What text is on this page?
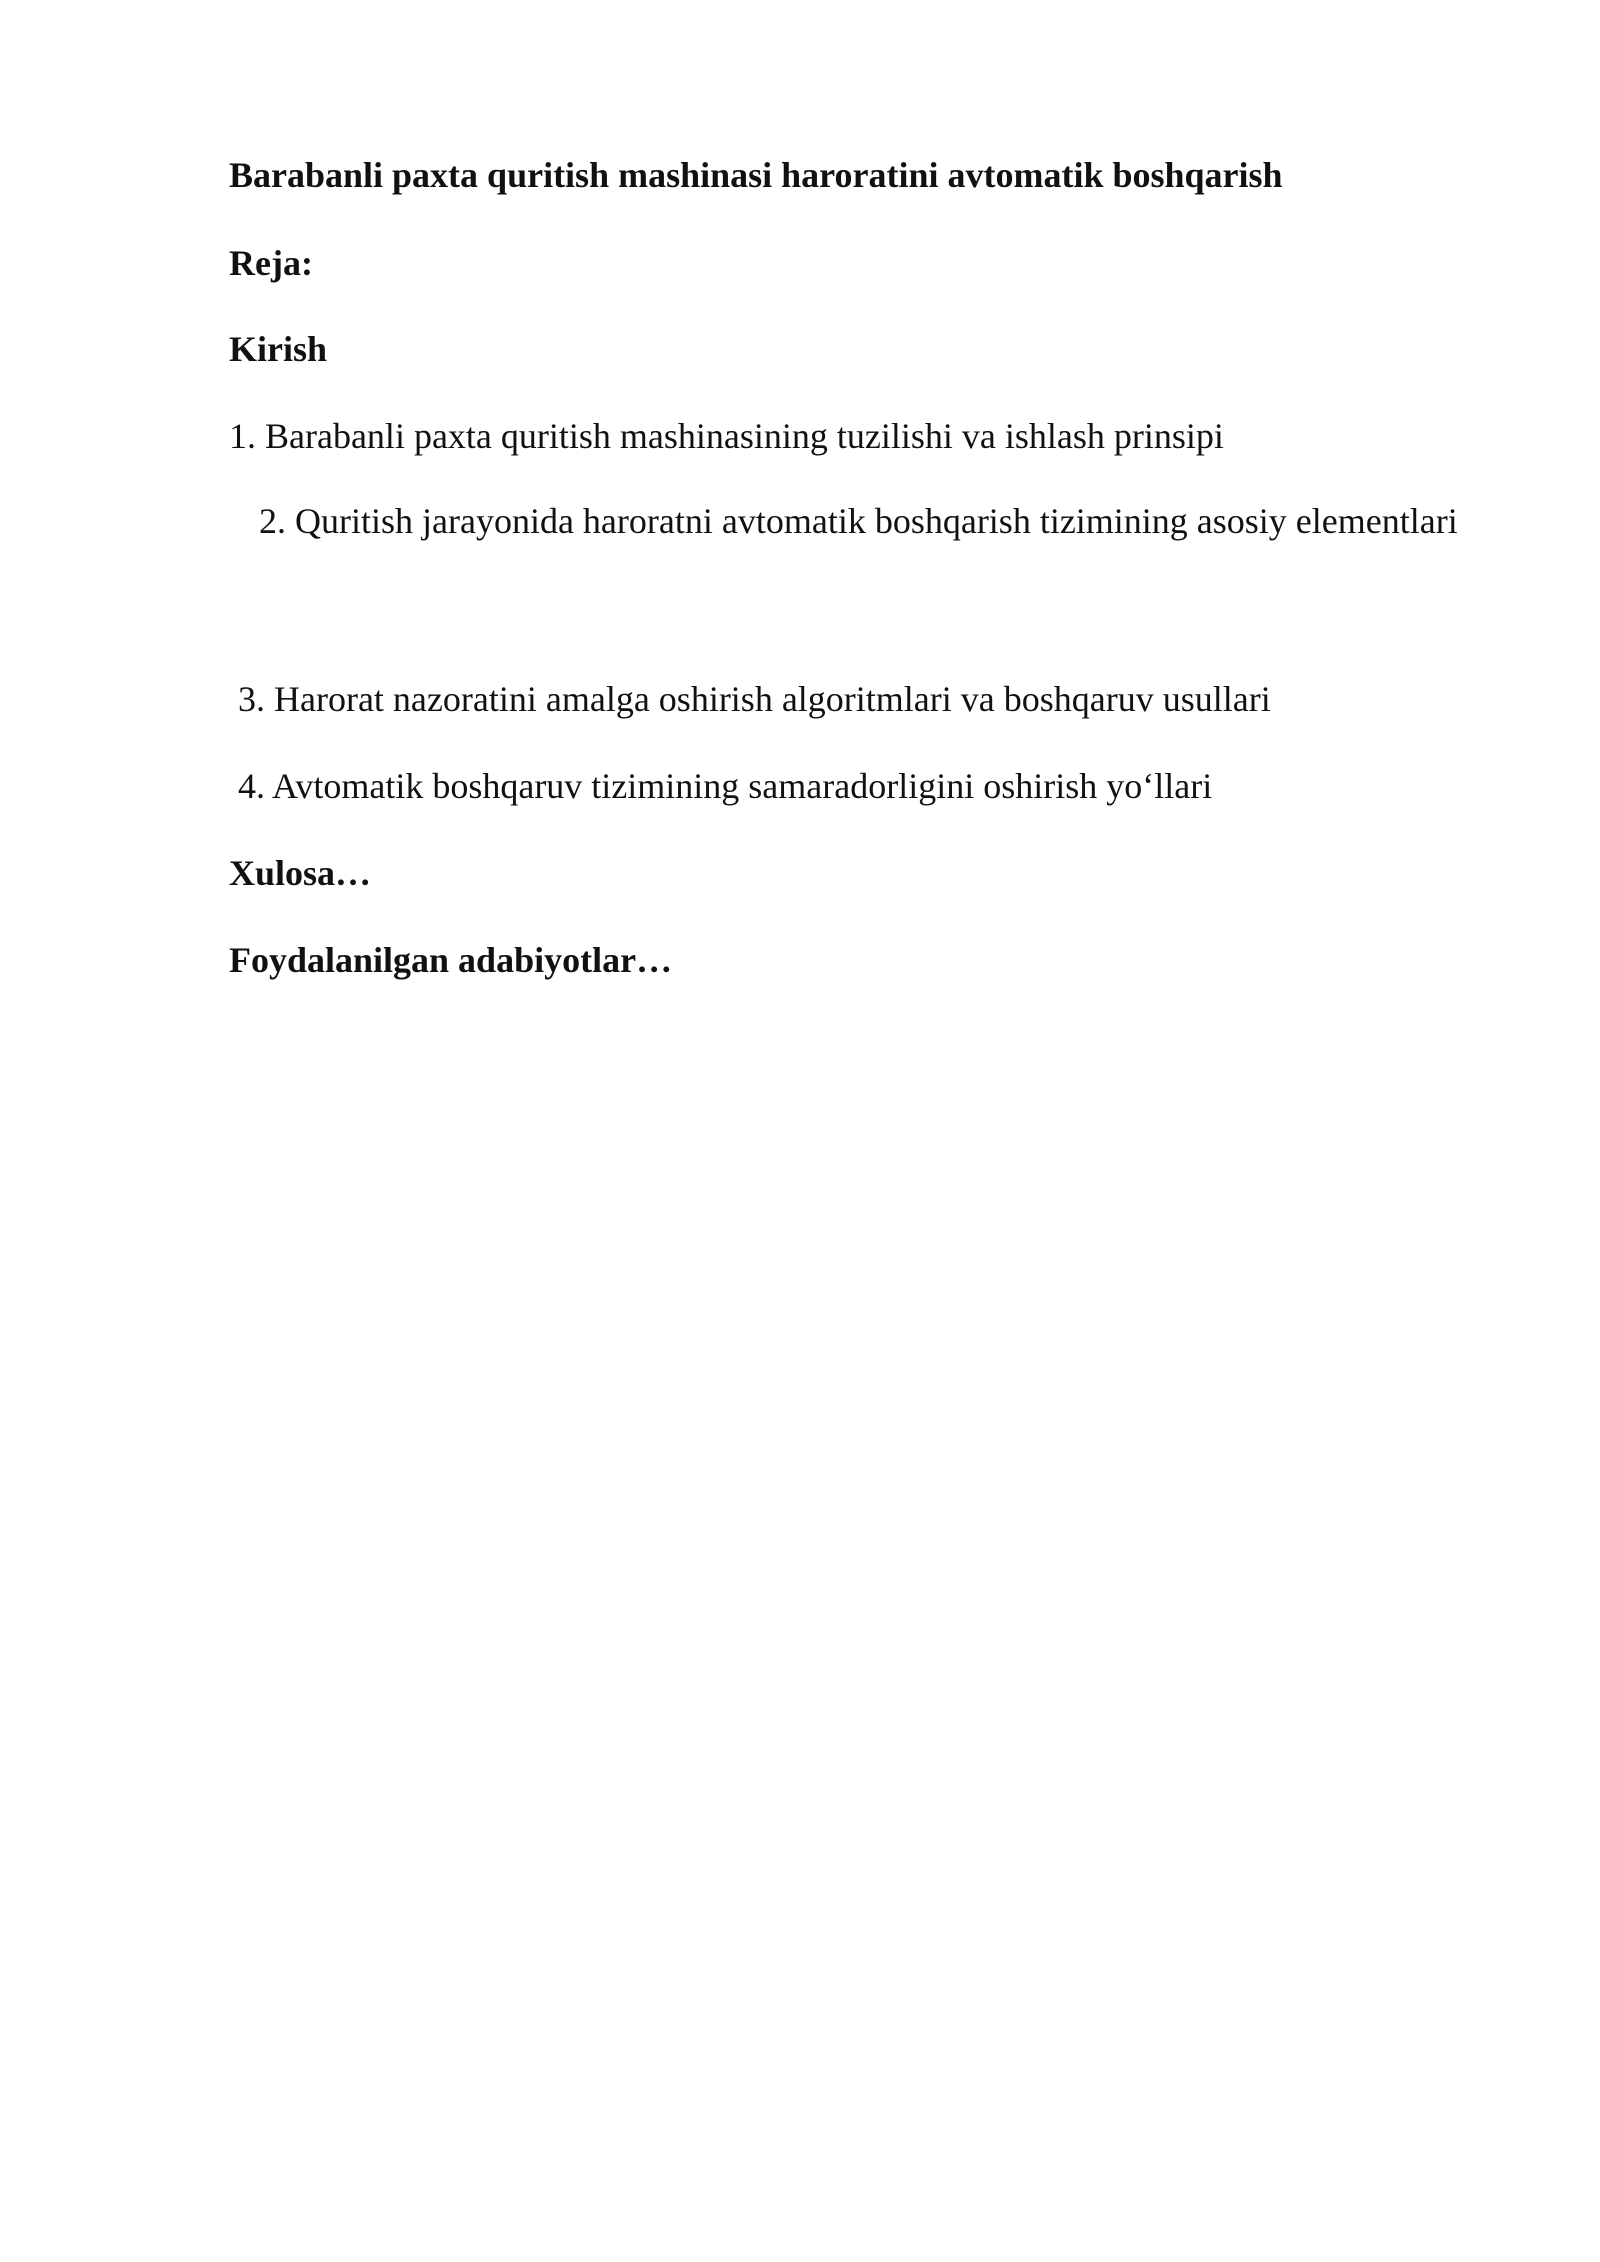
Barabanli paxta quritish mashinasi haroratini avtomatik boshqarish

Reja:

Kirish

1. Barabanli paxta quritish mashinasining tuzilishi va ishlash prinsipi

2. Quritish jarayonida haroratni avtomatik boshqarish tizimining asosiy elementlari

3. Harorat nazoratini amalga oshirish algoritmlari va boshqaruv usullari

4. Avtomatik boshqaruv tizimining samaradorligini oshirish yo‘llari

Xulosa…

Foydalanilgan adabiyotlar…
